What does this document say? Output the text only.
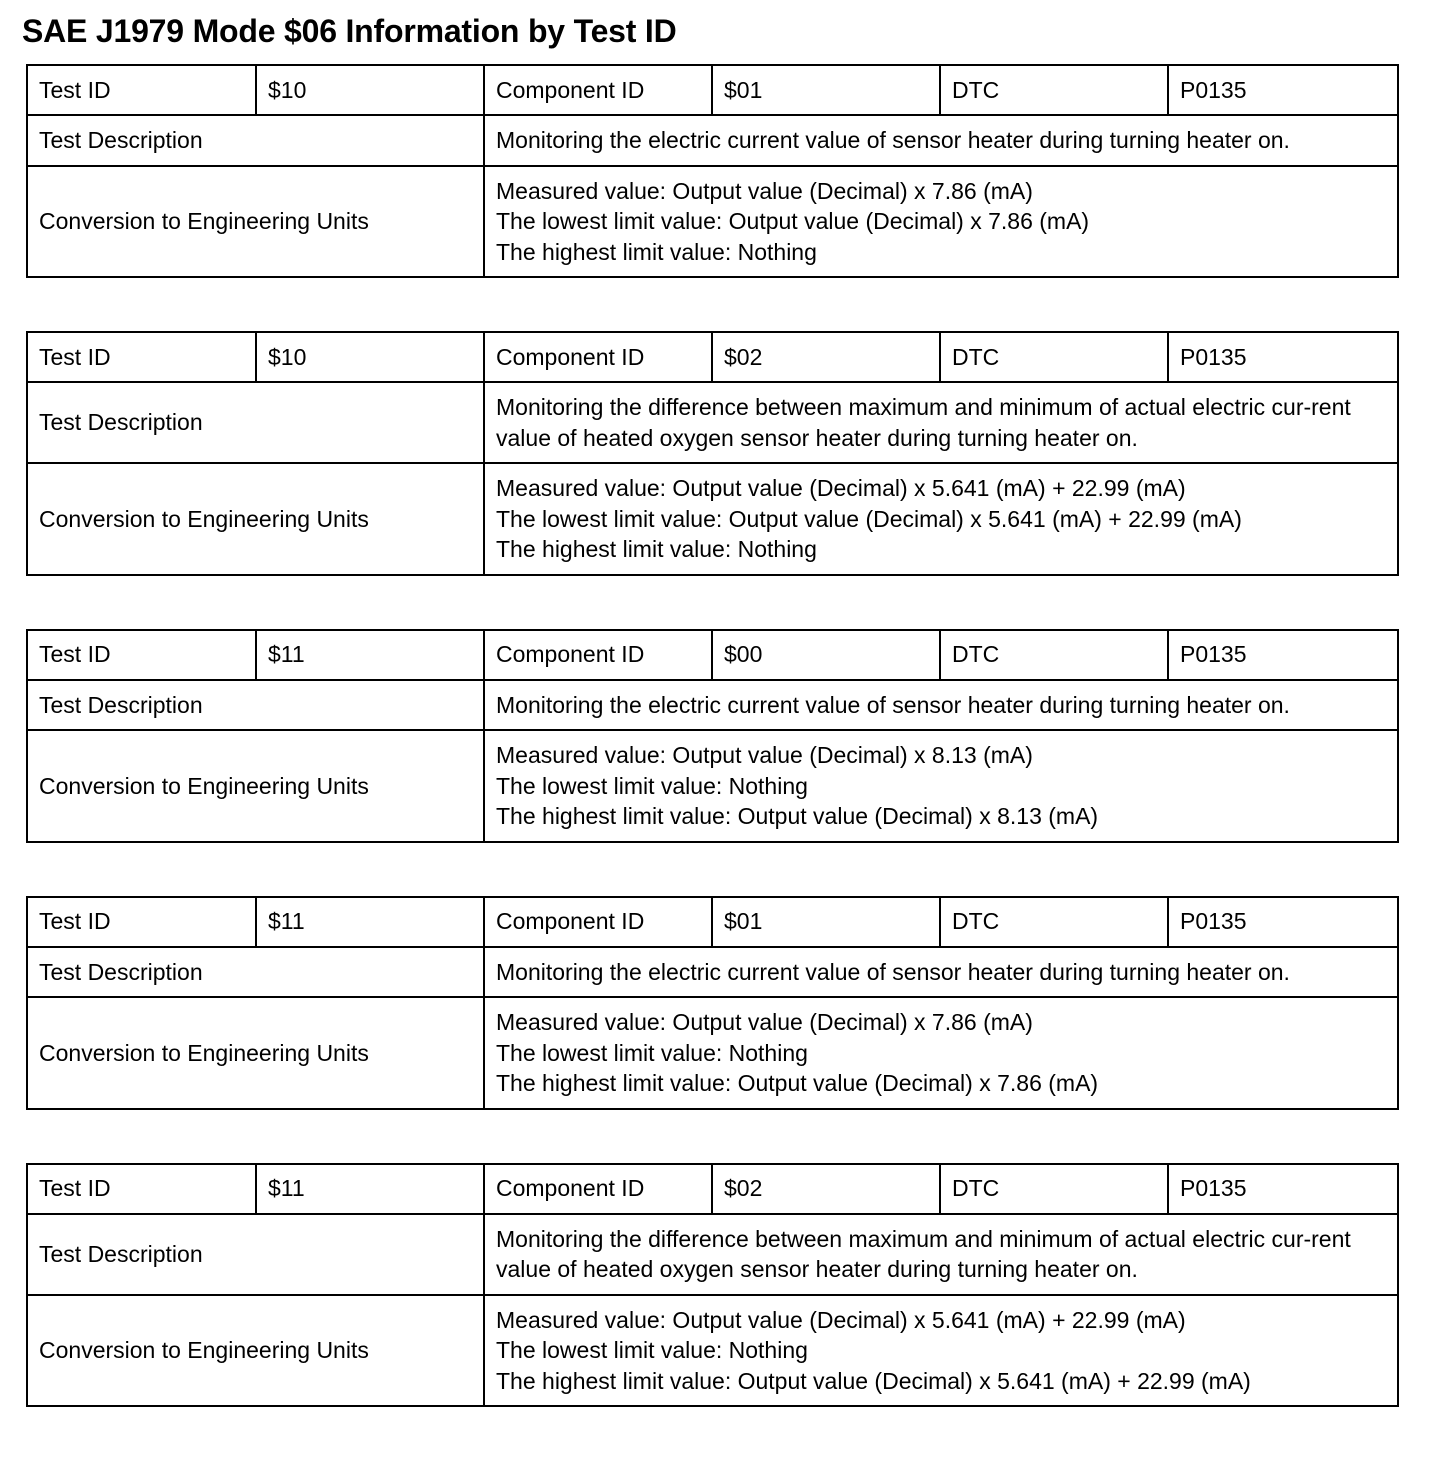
SAE J1979 Mode $06 Information by Test ID
Test ID	$10	Component ID	$01	DTC	P0135
Test Description		Monitoring the electric current value of sensor heater during turning heater on.			
Conversion to Engineering Units		Measured value: Output value (Decimal) x 7.86 (mA)
The lowest limit value: Output value (Decimal) x 7.86 (mA)
The highest limit value: Nothing			
Test ID	$10	Component ID	$02	DTC	P0135
Test Description		Monitoring the difference between maximum and minimum of actual electric cur-rent value of heated oxygen sensor heater during turning heater on.			
Conversion to Engineering Units		Measured value: Output value (Decimal) x 5.641 (mA) + 22.99 (mA)
The lowest limit value: Output value (Decimal) x 5.641 (mA) + 22.99 (mA)
The highest limit value: Nothing			
Test ID	$11	Component ID	$00	DTC	P0135
Test Description		Monitoring the electric current value of sensor heater during turning heater on.			
Conversion to Engineering Units		Measured value: Output value (Decimal) x 8.13 (mA)
The lowest limit value: Nothing
The highest limit value: Output value (Decimal) x 8.13 (mA)			
Test ID	$11	Component ID	$01	DTC	P0135
Test Description		Monitoring the electric current value of sensor heater during turning heater on.			
Conversion to Engineering Units		Measured value: Output value (Decimal) x 7.86 (mA)
The lowest limit value: Nothing
The highest limit value: Output value (Decimal) x 7.86 (mA)			
Test ID	$11	Component ID	$02	DTC	P0135
Test Description		Monitoring the difference between maximum and minimum of actual electric cur-rent value of heated oxygen sensor heater during turning heater on.			
Conversion to Engineering Units		Measured value: Output value (Decimal) x 5.641 (mA) + 22.99 (mA)
The lowest limit value: Nothing
The highest limit value: Output value (Decimal) x 5.641 (mA) + 22.99 (mA)			
